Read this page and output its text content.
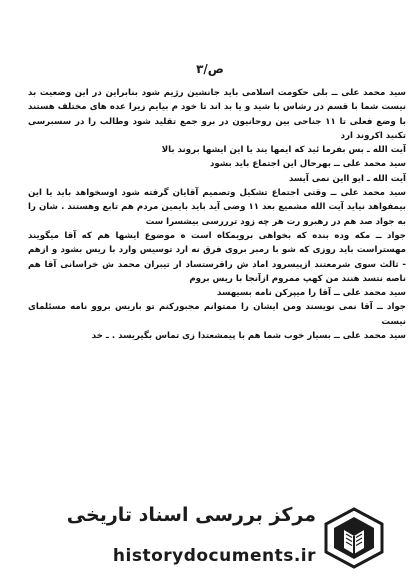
ص/۳

سید محمد علی ــ بلی حکومت اسلامی باید جانشین رژیم شود بنابراین در این وضعیت بد نیست شما با قسم در رشاس با شید و یا بد اند تا خود م بیایم زیرا عده های مختلف هستند با وضع فعلی تا ۱۱ جناحی بین روحانیون در برو جمع تقلید شود وطالب را در سسبرسی تکنید اکروند ارد

آیت الله ـ بس بفرما ئید که ایمها یند یا این ایشها بروند بالا

سید محمد علی ــ بهرحال این اجتماع باید بشود

آیت الله ـ ایو ااین نمی آیسد

سید محمد علی ــ وقتی اجتماع تشکیل وتصمیم آقایان گرفته شود اوسخواهد باید یا این بیمفواهد نیاید آیت الله مشمیع بعد ۱۱ وضی آید باید بایمین مردم هم تابع وهستند . شان را به جواد صد هم در رهبرو رت هر چه زود ترررسی بیشسرا ست

جواد ــ مکه وده بنده که بخواهی برویمکاه است ه موضوع ایشها هم که آقا میگویند مهستراست باید روزی که شو با رمبر بروی فرق نه ارد توسیس وارد با ریس بشود و ازهم - ثالث سوی شرمعتند ازپیسرود اماد ش راقرستساد ار تیبران محمد ش خراسانی آقا هم ناصه نتسد هنند من کهپ ممروم ازآنجا با ریس بروم

سید محمد علی ــ آقا را میپرکن نامه بسیهسد

جواد ــ آقا نمی نویسند ومن ایشان را ممتوانم مجبورکنم تو باریس بروو نامه مسئلمای نیست

سید محمد علی ــ بسیار خوب شما هم با پیمشعتدا زی تماس بگیریسد . ـ خد

مرکز بررسی اسناد تاریخی
historydocuments.ir
